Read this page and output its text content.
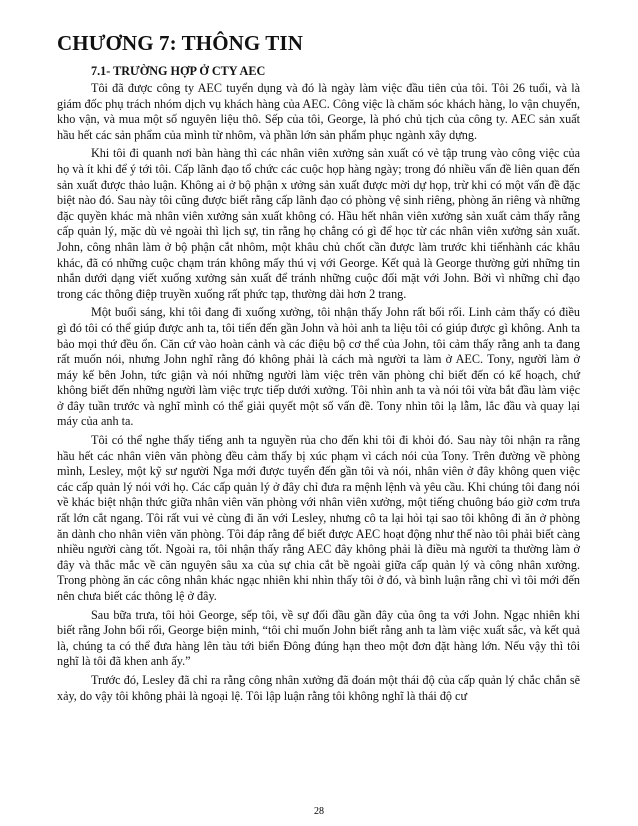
CHƯƠNG 7: THÔNG TIN
7.1- TRƯỜNG HỢP Ở CTY AEC

Tôi đã được công ty AEC tuyển dụng và đó là ngày làm việc đầu tiên của tôi. Tôi 26 tuổi, và là giám đốc phụ trách nhóm dịch vụ khách hàng của AEC. Công việc là chăm sóc khách hàng, lo vận chuyển, kho vận, và mua một số nguyên liệu thô. Sếp của tôi, George, là phó chủ tịch của công ty. AEC sản xuất hầu hết các sản phẩm của mình từ nhôm, và phần lớn sản phẩm phục ngành xây dựng.

Khi tôi đi quanh nơi bàn hàng thì các nhân viên xưởng sản xuất có vẻ tập trung vào công việc của họ và ít khi để ý tới tôi. Cấp lãnh đạo tổ chức các cuộc họp hàng ngày; trong đó nhiều vấn đề liên quan đến sản xuất được thảo luận. Không ai ở bộ phận x ưởng sản xuất được mời dự họp, trừ khi có một vấn đề đặc biệt nào đó. Sau này tôi cũng được biết rằng cấp lãnh đạo có phòng vệ sinh riêng, phòng ăn riêng và những đặc quyền khác mà nhân viên xưởng sản xuất không có. Hầu hết nhân viên xưởng sản xuất cảm thấy rằng cấp quản lý, mặc dù vẻ ngoài thì lịch sự, tin rằng họ chẳng có gì để học từ các nhân viên xưởng sản xuất. John, công nhân làm ở bộ phận cắt nhôm, một khâu chủ chốt cần được làm trước khi tiếnhành các khâu khác, đã có những cuộc chạm trán không mấy thú vị với George. Kết quả là George thường gửi những tin nhắn dưới dạng viết xuống xưởng sản xuất để tránh những cuộc đối mặt với John. Bởi vì những chỉ đạo trong các thông điệp truyền xuống rất phức tạp, thường dài hơn 2 trang.

Một buổi sáng, khi tôi đang đi xuống xưởng, tôi nhận thấy John rất bối rối. Linh cảm thấy có điều gì đó tôi có thể giúp được anh ta, tôi tiến đến gần John và hỏi anh ta liệu tôi có giúp được gì không. Anh ta bảo mọi thứ đều ổn. Căn cứ vào hoàn cảnh và các điệu bộ cơ thể của John, tôi cảm thấy rằng anh ta đang rất muốn nói, nhưng John nghĩ rằng đó không phải là cách mà người ta làm ở AEC. Tony, người làm ở máy kế bên John, tức giận và nói những người làm việc trên văn phòng chỉ biết đến có kế hoạch, chứ không biết đến những người làm việc trực tiếp dưới xưởng. Tôi nhìn anh ta và nói tôi vừa bắt đầu làm việc ở đây tuần trước và nghĩ mình có thể giải quyết một số vấn đề. Tony nhìn tôi lạ lẫm, lắc đầu và quay lại máy của anh ta.

Tôi có thể nghe thấy tiếng anh ta nguyền rủa cho đến khi tôi đi khỏi đó. Sau này tôi nhận ra rằng hầu hết các nhân viên văn phòng đều cảm thấy bị xúc phạm vì cách nói của Tony. Trên đường về phòng mình, Lesley, một kỹ sư người Nga mới được tuyển đến gần tôi và nói, nhân viên ở đây không quen việc các cấp quản lý nói với họ. Các cấp quản lý ở đây chỉ đưa ra mệnh lệnh và yêu cầu. Khi chúng tôi đang nói về khác biệt nhận thức giữa nhân viên văn phòng với nhân viên xưởng, một tiếng chuông báo giờ cơm trưa rất lớn cắt ngang. Tôi rất vui vẻ cùng đi ăn với Lesley, nhưng cô ta lại hỏi tại sao tôi không đi ăn ở phòng ăn dành cho nhân viên văn phòng. Tôi đáp rằng để biết được AEC hoạt động như thế nào tôi phải biết càng nhiều người càng tốt. Ngoài ra, tôi nhận thấy rằng AEC đây không phải là điều mà người ta thường làm ở đây và thắc mắc về căn nguyên sâu xa của sự chia cắt bề ngoài giữa cấp quản lý và công nhân xưởng. Trong phòng ăn các công nhân khác ngạc nhiên khi nhìn thấy tôi ở đó, và bình luận rằng chỉ vì tôi mới đến nên chưa biết các thông lệ ở đây.

Sau bữa trưa, tôi hỏi George, sếp tôi, về sự đối đầu gần đây của ông ta với John. Ngạc nhiên khi biết rằng John bối rối, George biện minh, “tôi chỉ muốn John biết rằng anh ta làm việc xuất sắc, và kết quả là, chúng ta có thể đưa hàng lên tàu tới biển Đông đúng hạn theo một đơn đặt hàng lớn. Nếu vậy thì tôi nghĩ là tôi đã khen anh ấy.”

Trước đó, Lesley đã chỉ ra rằng công nhân xưởng đã đoán một thái độ của cấp quản lý chắc chắn sẽ xảy, do vậy tôi không phải là ngoại lệ. Tôi lập luận rằng tôi không nghĩ là thái độ cư

28
